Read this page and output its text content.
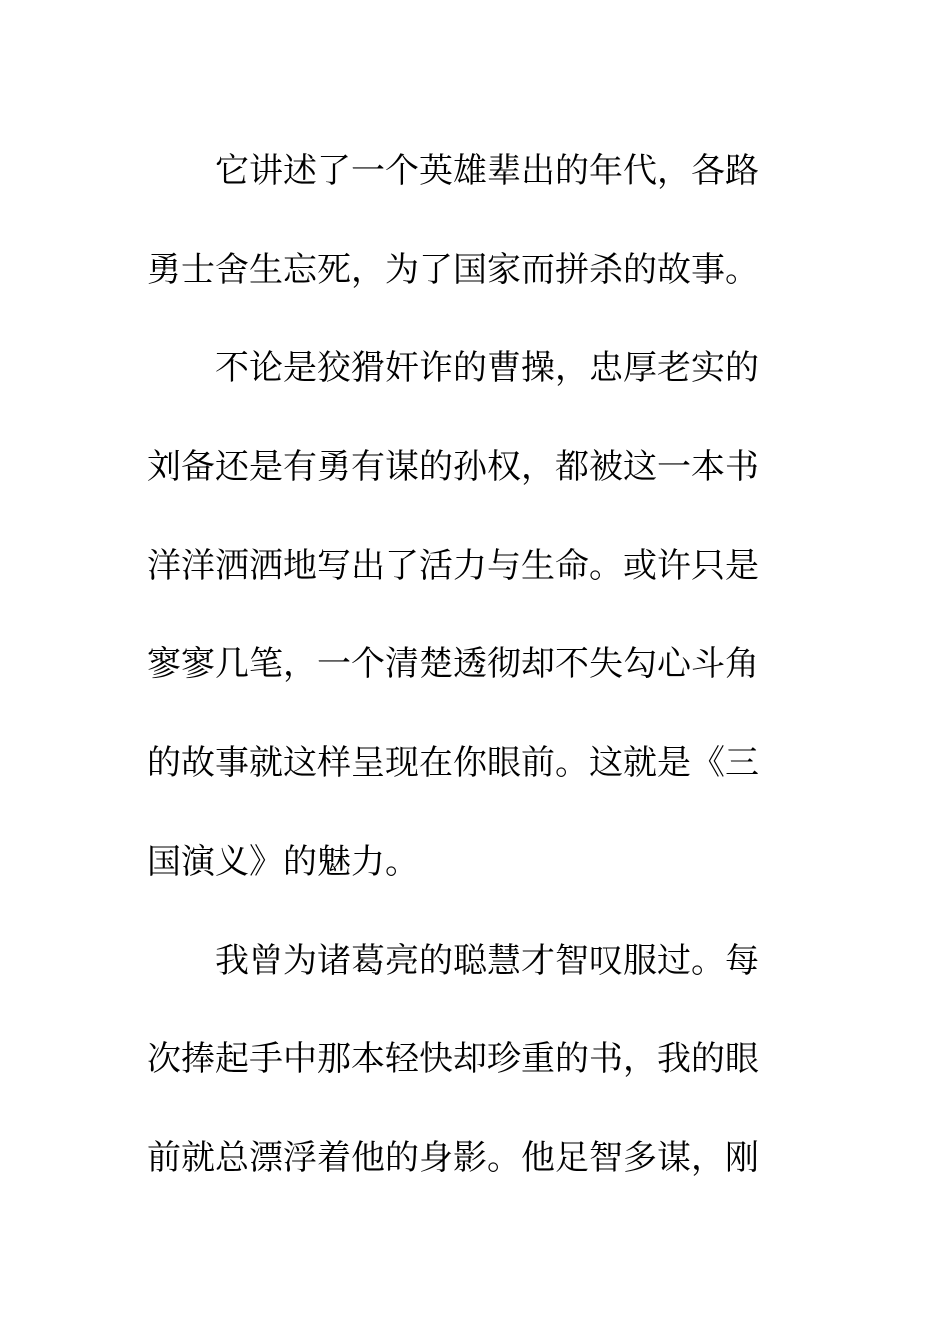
它讲述了一个英雄辈出的年代，各路
勇士舍生忘死，为了国家而拼杀的故事。
不论是狡猾奸诈的曹操，忠厚老实的
刘备还是有勇有谋的孙权，都被这一本书
洋洋洒洒地写出了活力与生命。或许只是
寥寥几笔，一个清楚透彻却不失勾心斗角
的故事就这样呈现在你眼前。这就是《三
国演义》的魅力。
我曾为诸葛亮的聪慧才智叹服过。每
次捧起手中那本轻快却珍重的书，我的眼
前就总漂浮着他的身影。他足智多谋，刚
